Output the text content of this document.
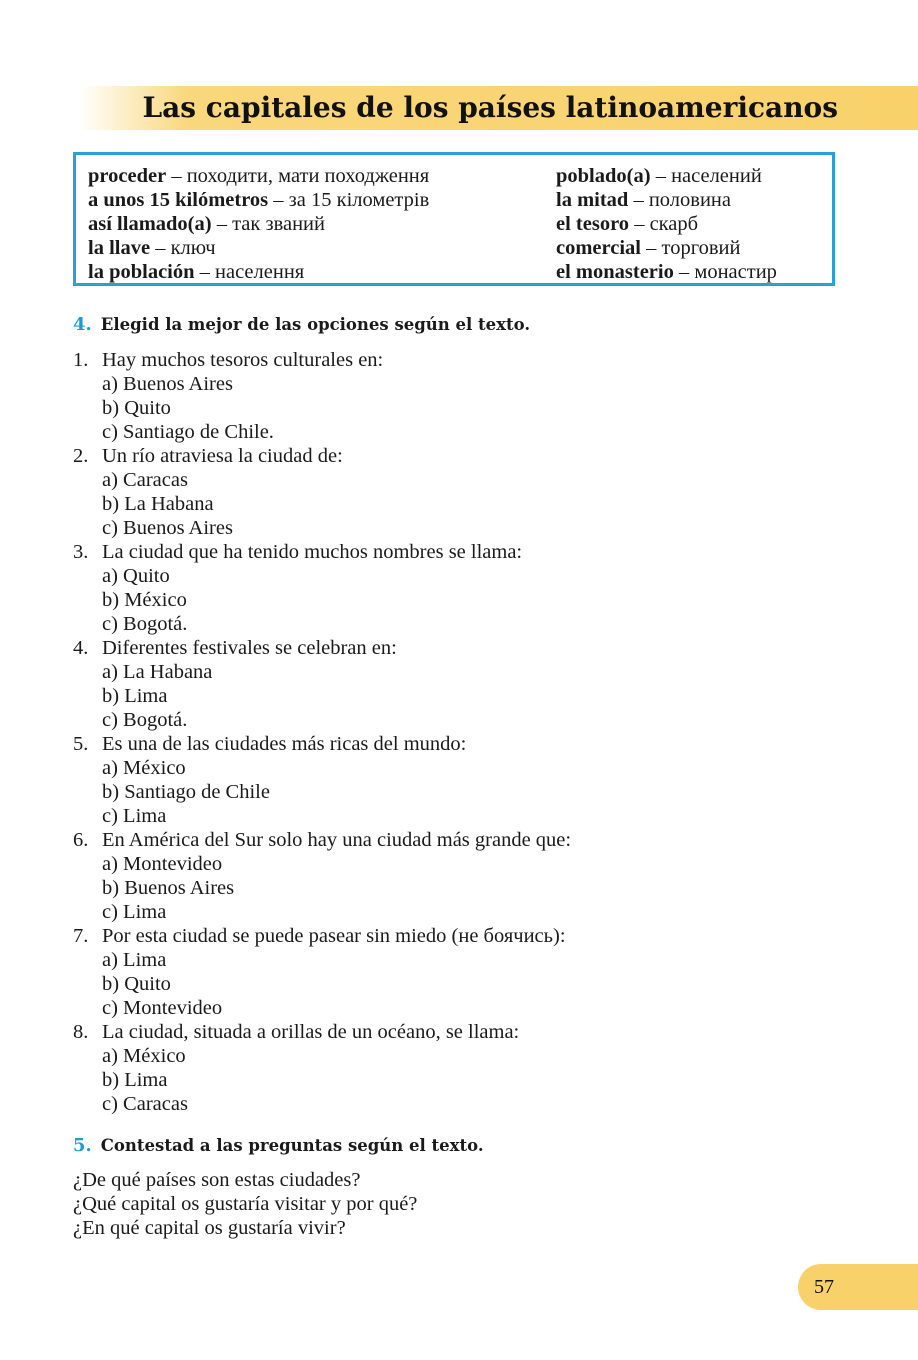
Las capitales de los países latinoamericanos
proceder – походити, мати походження
a unos 15 kilómetros – за 15 кілометрів
así llamado(a) – так званий
la llave – ключ
la población – населення
poblado(a) – населений
la mitad – половина
el tesoro – скарб
comercial – торговий
el monasterio – монастир
4. Elegid la mejor de las opciones según el texto.
1. Hay muchos tesoros culturales en:
a) Buenos Aires
b) Quito
c) Santiago de Chile.
2. Un río atraviesa la ciudad de:
a) Caracas
b) La Habana
c) Buenos Aires
3. La ciudad que ha tenido muchos nombres se llama:
a) Quito
b) México
c) Bogotá.
4. Diferentes festivales se celebran en:
a) La Habana
b) Lima
c) Bogotá.
5. Es una de las ciudades más ricas del mundo:
a) México
b) Santiago de Chile
c) Lima
6. En América del Sur solo hay una ciudad más grande que:
a) Montevideo
b) Buenos Aires
c) Lima
7. Por esta ciudad se puede pasear sin miedo (не боячись):
a) Lima
b) Quito
c) Montevideo
8. La ciudad, situada a orillas de un océano, se llama:
a) México
b) Lima
c) Caracas
5. Contestad a las preguntas según el texto.
¿De qué países son estas ciudades?
¿Qué capital os gustaría visitar y por qué?
¿En qué capital os gustaría vivir?
57
